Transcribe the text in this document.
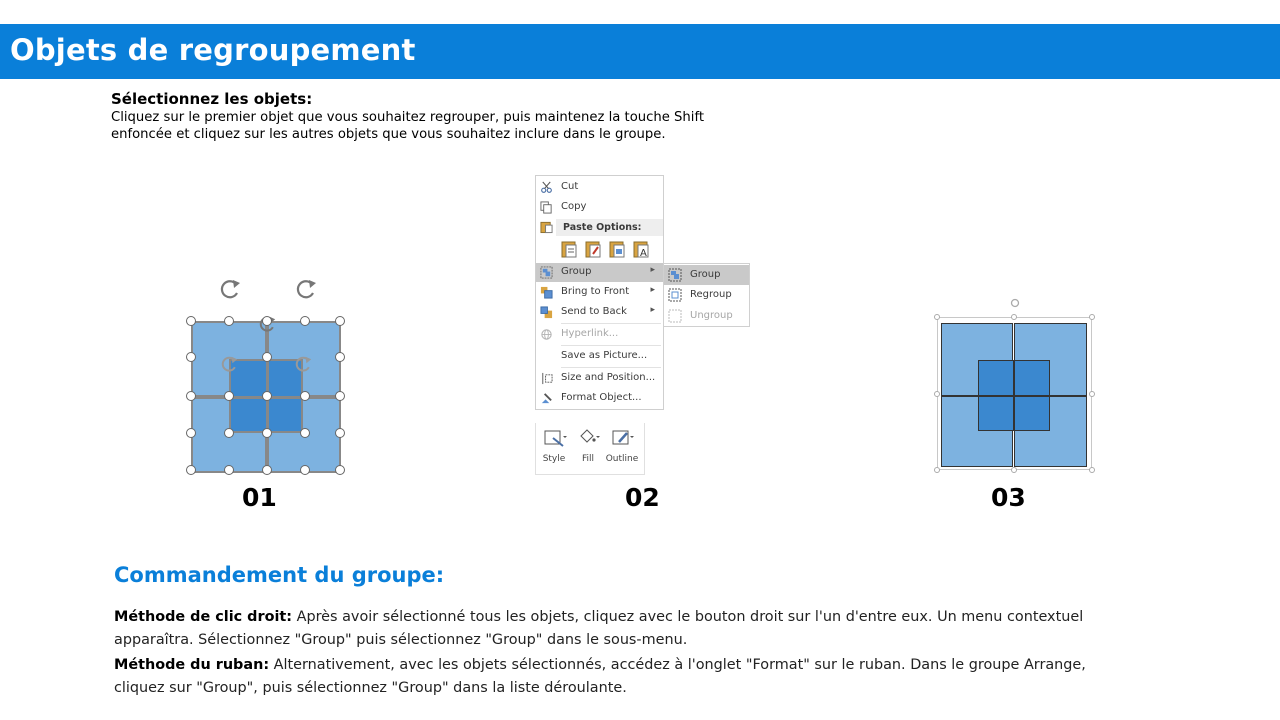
Objets de regroupement
Sélectionnez les objets:
Cliquez sur le premier objet que vous souhaitez regrouper, puis maintenez la touche Shift enfoncée et cliquez sur les autres objets que vous souhaitez inclure dans le groupe.
01
Cut
Copy
Paste Options:
A
Group	▸
Bring to Front ▸
Send to Back	▸
Hyperlink...
Save as Picture...
Size and Position...
Format Object...
Group
Regroup
Ungroup
Style	Fill	Outline
02	03
Commandement du groupe:
Méthode de clic droit: Après avoir sélectionné tous les objets, cliquez avec le bouton droit sur l'un d'entre eux. Un menu contextuel apparaîtra. Sélectionnez "Group" puis sélectionnez "Group" dans le sous-menu.
Méthode du ruban: Alternativement, avec les objets sélectionnés, accédez à l'onglet "Format" sur le ruban. Dans le groupe Arrange, cliquez sur "Group", puis sélectionnez "Group" dans la liste déroulante.
